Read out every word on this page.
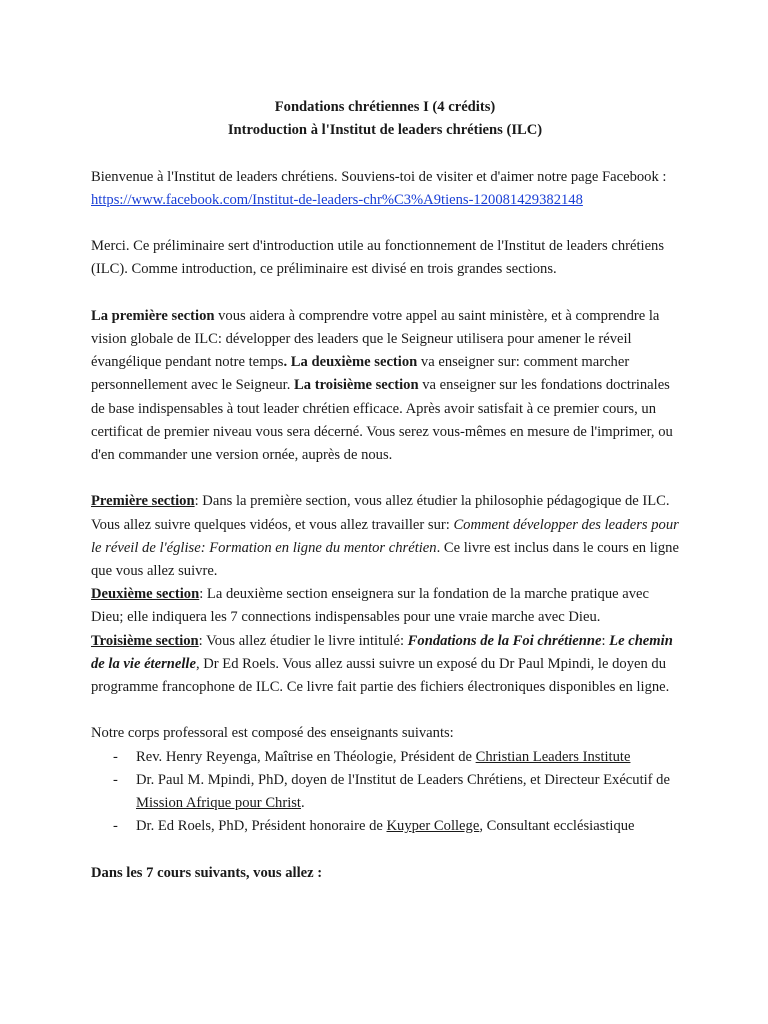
Fondations chrétiennes I (4 crédits)
Introduction à l'Institut de leaders chrétiens (ILC)

Bienvenue à l'Institut de leaders chrétiens. Souviens-toi de visiter et d'aimer notre page Facebook : https://www.facebook.com/Institut-de-leaders-chr%C3%A9tiens-120081429382148

Merci. Ce préliminaire sert d'introduction utile au fonctionnement de l'Institut de leaders chrétiens (ILC). Comme introduction, ce préliminaire est divisé en trois grandes sections.

La première section vous aidera à comprendre votre appel au saint ministère, et à comprendre la vision globale de ILC: développer des leaders que le Seigneur utilisera pour amener le réveil évangélique pendant notre temps. La deuxième section va enseigner sur: comment marcher personnellement avec le Seigneur. La troisième section va enseigner sur les fondations doctrinales de base indispensables à tout leader chrétien efficace. Après avoir satisfait à ce premier cours, un certificat de premier niveau vous sera décerné. Vous serez vous-mêmes en mesure de l'imprimer, ou d'en commander une version ornée, auprès de nous.

Première section: Dans la première section, vous allez étudier la philosophie pédagogique de ILC. Vous allez suivre quelques vidéos, et vous allez travailler sur: Comment développer des leaders pour le réveil de l'église: Formation en ligne du mentor chrétien. Ce livre est inclus dans le cours en ligne que vous allez suivre.

Deuxième section: La deuxième section enseignera sur la fondation de la marche pratique avec Dieu; elle indiquera les 7 connections indispensables pour une vraie marche avec Dieu.

Troisième section: Vous allez étudier le livre intitulé: Fondations de la Foi chrétienne: Le chemin de la vie éternelle, Dr Ed Roels. Vous allez aussi suivre un exposé du Dr Paul Mpindi, le doyen du programme francophone de ILC. Ce livre fait partie des fichiers électroniques disponibles en ligne.

Notre corps professoral est composé des enseignants suivants:

- Rev. Henry Reyenga, Maîtrise en Théologie, Président de Christian Leaders Institute
- Dr. Paul M. Mpindi, PhD, doyen de l'Institut de Leaders Chrétiens, et Directeur Exécutif de Mission Afrique pour Christ.
- Dr. Ed Roels, PhD, Président honoraire de Kuyper College, Consultant ecclésiastique

Dans les 7 cours suivants, vous allez :
